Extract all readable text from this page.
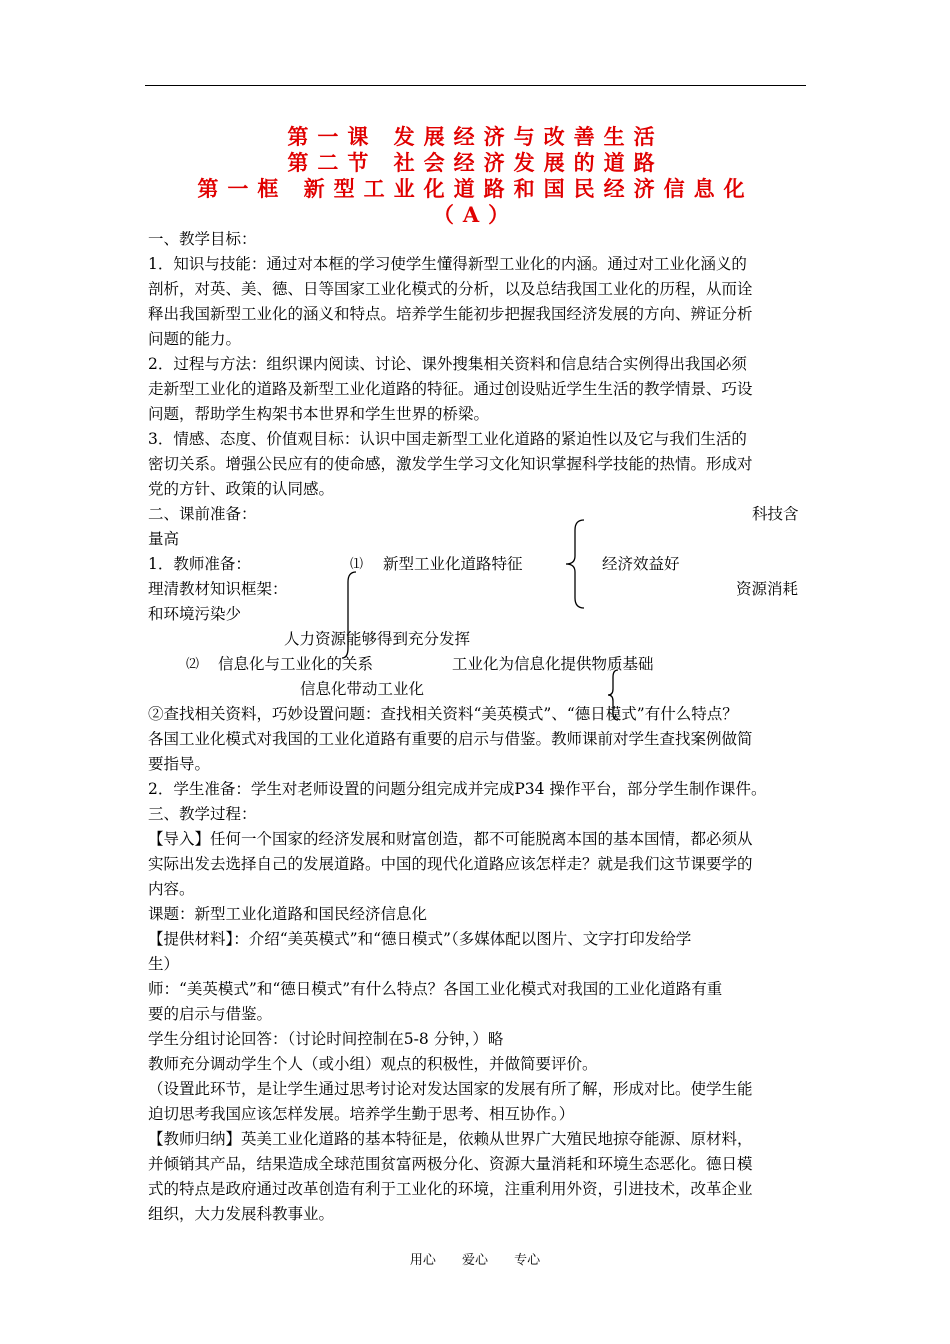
第一课 发展经济与改善生活
第二节 社会经济发展的道路
第一框 新型工业化道路和国民经济信息化
（A）
一、教学目标：
1．知识与技能：通过对本框的学习使学生懂得新型工业化的内涵。通过对工业化涵义的
剖析，对英、美、德、日等国家工业化模式的分析，以及总结我国工业化的历程，从而诠
释出我国新型工业化的涵义和特点。培养学生能初步把握我国经济发展的方向、辨证分析
问题的能力。
2．过程与方法：组织课内阅读、讨论、课外搜集相关资料和信息结合实例得出我国必须
走新型工业化的道路及新型工业化道路的特征。通过创设贴近学生生活的教学情景、巧设
问题，帮助学生构架书本世界和学生世界的桥梁。
3．情感、态度、价值观目标：认识中国走新型工业化道路的紧迫性以及它与我们生活的
密切关系。增强公民应有的使命感，激发学生学习文化知识掌握科学技能的热情。形成对
党的方针、政策的认同感。
二、课前准备：	科技含
量高
1．教师准备：	⑴ 新型工业化道路特征	经济效益好
理清教材知识框架：	资源消耗
和环境污染少
人力资源能够得到充分发挥
⑵ 信息化与工业化的关系	工业化为信息化提供物质基础
信息化带动工业化
②查找相关资料，巧妙设置问题：查找相关资料“美英模式”、“德日模式”有什么特点？
各国工业化模式对我国的工业化道路有重要的启示与借鉴。教师课前对学生查找案例做简
要指导。
2．学生准备：学生对老师设置的问题分组完成并完成P34 操作平台，部分学生制作课件。
三、教学过程：
【导入】任何一个国家的经济发展和财富创造，都不可能脱离本国的基本国情，都必须从
实际出发去选择自己的发展道路。中国的现代化道路应该怎样走？就是我们这节课要学的
内容。
课题：新型工业化道路和国民经济信息化
【提供材料】：介绍“美英模式”和“德日模式”（多媒体配以图片、文字打印发给学
生）
师：“美英模式”和“德日模式”有什么特点？各国工业化模式对我国的工业化道路有重
要的启示与借鉴。
学生分组讨论回答：（讨论时间控制在5-8 分钟，）略
教师充分调动学生个人（或小组）观点的积极性，并做简要评价。
（设置此环节，是让学生通过思考讨论对发达国家的发展有所了解，形成对比。使学生能
迫切思考我国应该怎样发展。培养学生勤于思考、相互协作。）
【教师归纳】英美工业化道路的基本特征是，依赖从世界广大殖民地掠夺能源、原材料，
并倾销其产品，结果造成全球范围贫富两极分化、资源大量消耗和环境生态恶化。德日模
式的特点是政府通过改革创造有利于工业化的环境，注重利用外资，引进技术，改革企业
组织，大力发展科教事业。
用心 爱心 专心
